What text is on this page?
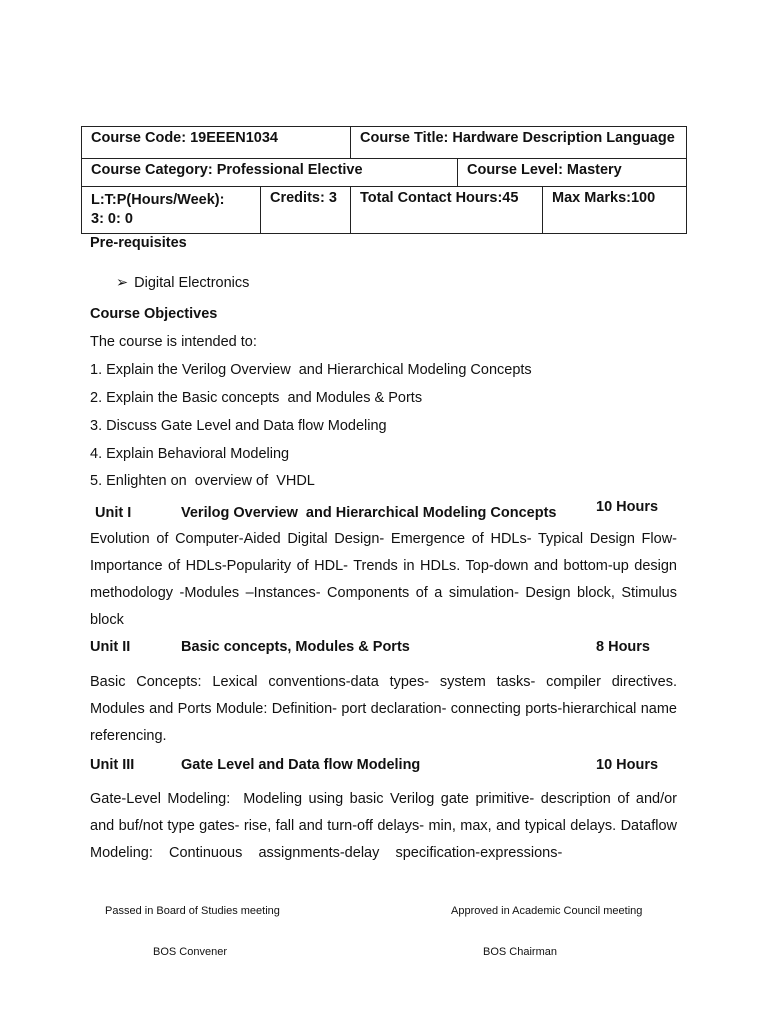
Course Code: 19EEEN1034		Course Title: Hardware Description Language		
Course Category: Professional Elective			Course Level: Mastery	

L:T:P(Hours/Week):
3: 0: 0	Credits: 3	Total Contact Hours:45		Max Marks:100
Pre-requisites
➢ Digital Electronics
Course Objectives
The course is intended to:
1. Explain the Verilog Overview  and Hierarchical Modeling Concepts
2. Explain the Basic concepts  and Modules & Ports
3. Discuss Gate Level and Data flow Modeling
4. Explain Behavioral Modeling
5. Enlighten on  overview of  VHDL
Unit I	Verilog Overview  and Hierarchical Modeling Concepts	10 Hours
Evolution of Computer-Aided Digital Design- Emergence of HDLs- Typical Design Flow- Importance of HDLs-Popularity of HDL- Trends in HDLs. Top-down and bottom-up design methodology -Modules –Instances- Components of a simulation- Design block, Stimulus block
Unit II	Basic concepts, Modules & Ports	8 Hours
Basic Concepts: Lexical conventions-data types- system tasks- compiler directives. Modules and Ports Module: Definition- port declaration- connecting ports-hierarchical name referencing.
Unit III	Gate Level and Data flow Modeling	10 Hours
Gate-Level Modeling:  Modeling using basic Verilog gate primitive- description of and/or and buf/not type gates- rise, fall and turn-off delays- min, max, and typical delays. Dataflow  Modeling:    Continuous    assignments-delay    specification-expressions-
Passed in Board of Studies meeting	Approved in Academic Council meeting
BOS Convener	BOS Chairman
